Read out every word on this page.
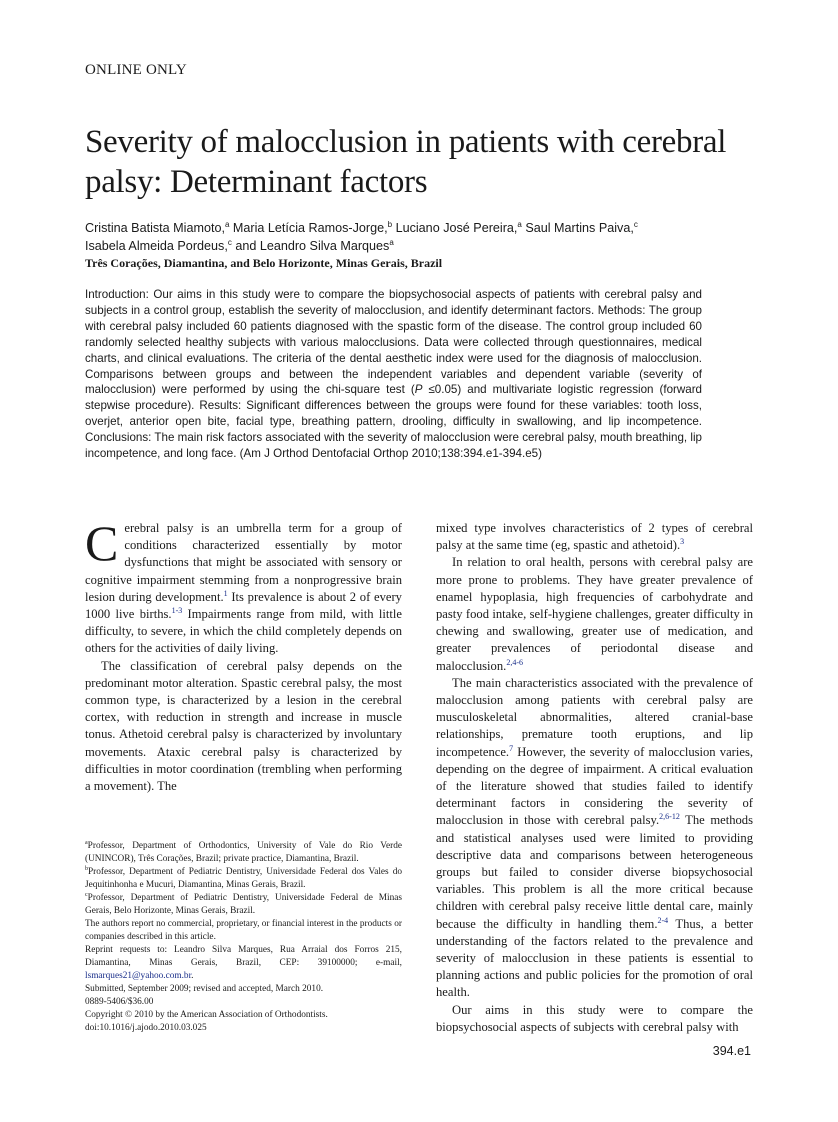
ONLINE ONLY
Severity of malocclusion in patients with cerebral palsy: Determinant factors
Cristina Batista Miamoto,$^a$ Maria Letícia Ramos-Jorge,$^b$ Luciano José Pereira,$^a$ Saul Martins Paiva,$^c$
Isabela Almeida Pordeus,$^c$ and Leandro Silva Marques$^a$
Três Corações, Diamantina, and Belo Horizonte, Minas Gerais, Brazil
Introduction: Our aims in this study were to compare the biopsychosocial aspects of patients with cerebral palsy and subjects in a control group, establish the severity of malocclusion, and identify determinant factors. Methods: The group with cerebral palsy included 60 patients diagnosed with the spastic form of the disease. The control group included 60 randomly selected healthy subjects with various malocclusions. Data were collected through questionnaires, medical charts, and clinical evaluations. The criteria of the dental aesthetic index were used for the diagnosis of malocclusion. Comparisons between groups and between the independent variables and dependent variable (severity of malocclusion) were performed by using the chi-square test (P ≤0.05) and multivariate logistic regression (forward stepwise procedure). Results: Significant differences between the groups were found for these variables: tooth loss, overjet, anterior open bite, facial type, breathing pattern, drooling, difficulty in swallowing, and lip incompetence. Conclusions: The main risk factors associated with the severity of malocclusion were cerebral palsy, mouth breathing, lip incompetence, and long face. (Am J Orthod Dentofacial Orthop 2010;138:394.e1-394.e5)

Cerebral palsy is an umbrella term for a group of conditions characterized essentially by motor dysfunctions that might be associated with sensory or cognitive impairment stemming from a nonprogressive brain lesion during development.$^1$ Its prevalence is about 2 of every 1000 live births.$^{1-3}$ Impairments range from mild, with little difficulty, to severe, in which the child completely depends on others for the activities of daily living.

The classification of cerebral palsy depends on the predominant motor alteration. Spastic cerebral palsy, the most common type, is characterized by a lesion in the cerebral cortex, with reduction in strength and increase in muscle tonus. Athetoid cerebral palsy is characterized by involuntary movements. Ataxic cerebral palsy is characterized by difficulties in motor coordination (trembling when performing a movement). The

mixed type involves characteristics of 2 types of cerebral palsy at the same time (eg, spastic and athetoid).$^3$

In relation to oral health, persons with cerebral palsy are more prone to problems. They have greater prevalence of enamel hypoplasia, high frequencies of carbohydrate and pasty food intake, self-hygiene challenges, greater difficulty in chewing and swallowing, greater use of medication, and greater prevalences of periodontal disease and malocclusion.$^{2,4-6}$

The main characteristics associated with the prevalence of malocclusion among patients with cerebral palsy are musculoskeletal abnormalities, altered cranial-base relationships, premature tooth eruptions, and lip incompetence.$^7$ However, the severity of malocclusion varies, depending on the degree of impairment. A critical evaluation of the literature showed that studies failed to identify determinant factors in considering the severity of malocclusion in those with cerebral palsy.$^{2,6-12}$ The methods and statistical analyses used were limited to providing descriptive data and comparisons between heterogeneous groups but failed to consider diverse biopsychosocial variables. This problem is all the more critical because children with cerebral palsy receive little dental care, mainly because the difficulty in handling them.$^{2-4}$ Thus, a better understanding of the factors related to the prevalence and severity of malocclusion in these patients is essential to planning actions and public policies for the promotion of oral health.

Our aims in this study were to compare the biopsychosocial aspects of subjects with cerebral palsy with

$^a$Professor, Department of Orthodontics, University of Vale do Rio Verde (UNINCOR), Três Corações, Brazil; private practice, Diamantina, Brazil.

$^b$Professor, Department of Pediatric Dentistry, Universidade Federal dos Vales do Jequitinhonha e Mucuri, Diamantina, Minas Gerais, Brazil.

$^c$Professor, Department of Pediatric Dentistry, Universidade Federal de Minas Gerais, Belo Horizonte, Minas Gerais, Brazil.

The authors report no commercial, proprietary, or financial interest in the products or companies described in this article.

Reprint requests to: Leandro Silva Marques, Rua Arraial dos Forros 215, Diamantina, Minas Gerais, Brazil, CEP: 39100000; e-mail, lsmarques21@yahoo.com.br.

Submitted, September 2009; revised and accepted, March 2010.

0889-5406/$36.00

Copyright © 2010 by the American Association of Orthodontists.

doi:10.1016/j.ajodo.2010.03.025

394.e1
